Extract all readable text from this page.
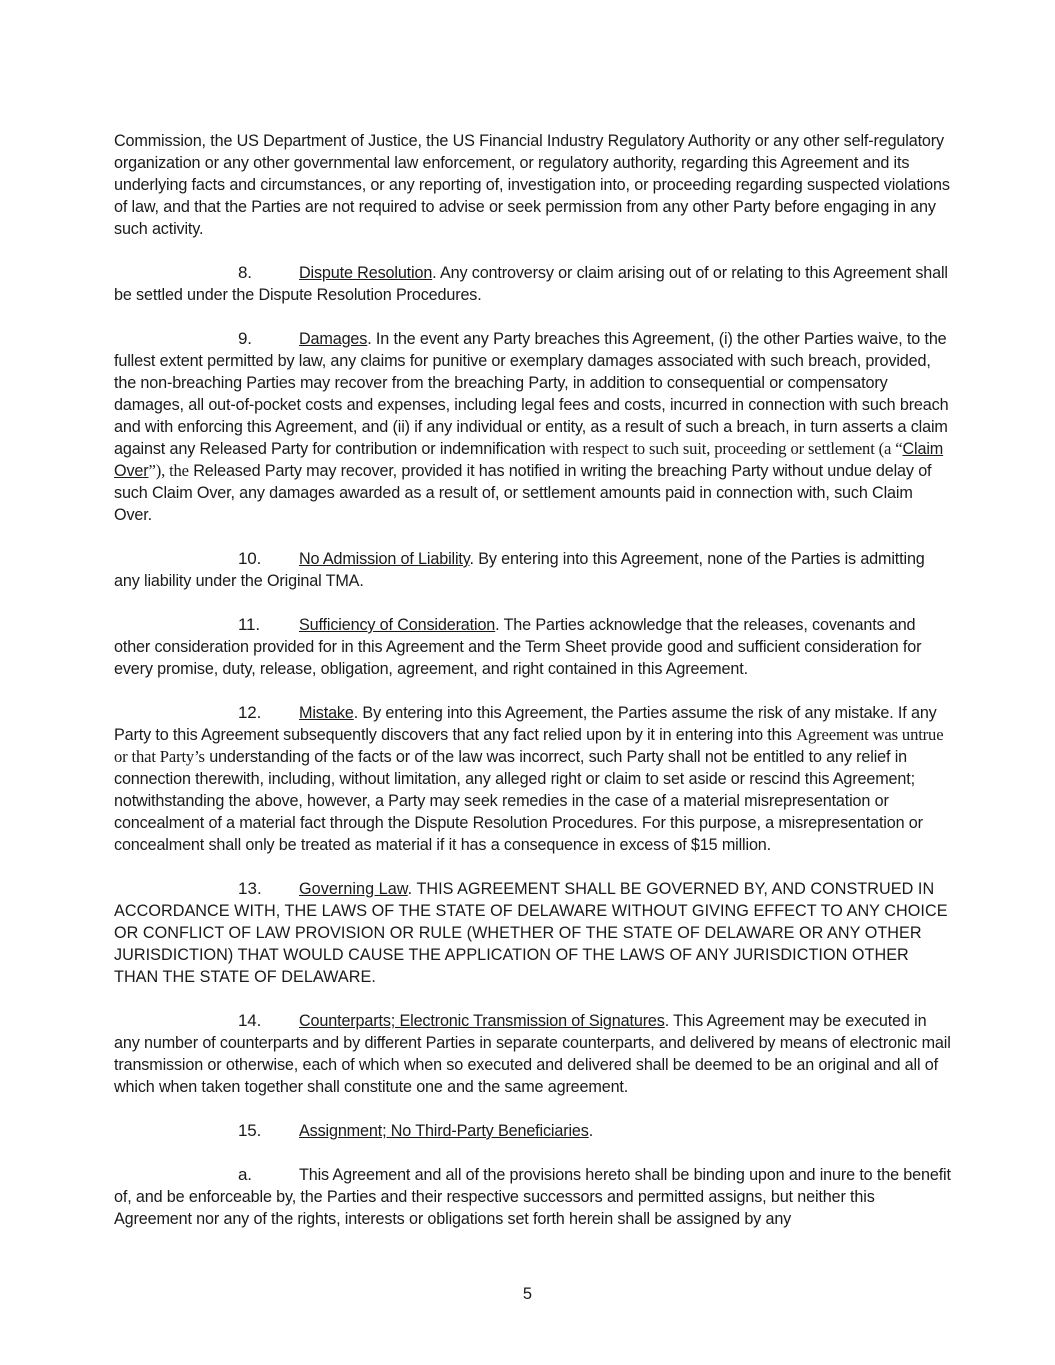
Commission, the US Department of Justice, the US Financial Industry Regulatory Authority or any other self-regulatory organization or any other governmental law enforcement, or regulatory authority, regarding this Agreement and its underlying facts and circumstances, or any reporting of, investigation into, or proceeding regarding suspected violations of law, and that the Parties are not required to advise or seek permission from any other Party before engaging in any such activity.

8.	Dispute Resolution. Any controversy or claim arising out of or relating to this Agreement shall be settled under the Dispute Resolution Procedures.

9.	Damages. In the event any Party breaches this Agreement, (i) the other Parties waive, to the fullest extent permitted by law, any claims for punitive or exemplary damages associated with such breach, provided, the non-breaching Parties may recover from the breaching Party, in addition to consequential or compensatory damages, all out-of-pocket costs and expenses, including legal fees and costs, incurred in connection with such breach and with enforcing this Agreement, and (ii) if any individual or entity, as a result of such a breach, in turn asserts a claim against any Released Party for contribution or indemnification with respect to such suit, proceeding or settlement (a “Claim Over”), the Released Party may recover, provided it has notified in writing the breaching Party without undue delay of such Claim Over, any damages awarded as a result of, or settlement amounts paid in connection with, such Claim Over.

10. No Admission of Liability. By entering into this Agreement, none of the Parties is admitting any liability under the Original TMA.

11. Sufficiency of Consideration. The Parties acknowledge that the releases, covenants and other consideration provided for in this Agreement and the Term Sheet provide good and sufficient consideration for every promise, duty, release, obligation, agreement, and right contained in this Agreement.

12. Mistake. By entering into this Agreement, the Parties assume the risk of any mistake. If any Party to this Agreement subsequently discovers that any fact relied upon by it in entering into this Agreement was untrue or that Party’s understanding of the facts or of the law was incorrect, such Party shall not be entitled to any relief in connection therewith, including, without limitation, any alleged right or claim to set aside or rescind this Agreement; notwithstanding the above, however, a Party may seek remedies in the case of a material misrepresentation or concealment of a material fact through the Dispute Resolution Procedures. For this purpose, a misrepresentation or concealment shall only be treated as material if it has a consequence in excess of $15 million.

13. Governing Law. THIS AGREEMENT SHALL BE GOVERNED BY, AND CONSTRUED IN ACCORDANCE WITH, THE LAWS OF THE STATE OF DELAWARE WITHOUT GIVING EFFECT TO ANY CHOICE OR CONFLICT OF LAW PROVISION OR RULE (WHETHER OF THE STATE OF DELAWARE OR ANY OTHER JURISDICTION) THAT WOULD CAUSE THE APPLICATION OF THE LAWS OF ANY JURISDICTION OTHER THAN THE STATE OF DELAWARE.

14. Counterparts; Electronic Transmission of Signatures. This Agreement may be executed in any number of counterparts and by different Parties in separate counterparts, and delivered by means of electronic mail transmission or otherwise, each of which when so executed and delivered shall be deemed to be an original and all of which when taken together shall constitute one and the same agreement.

15. Assignment; No Third-Party Beneficiaries.

a.	This Agreement and all of the provisions hereto shall be binding upon and inure to the benefit of, and be enforceable by, the Parties and their respective successors and permitted assigns, but neither this Agreement nor any of the rights, interests or obligations set forth herein shall be assigned by any

5
